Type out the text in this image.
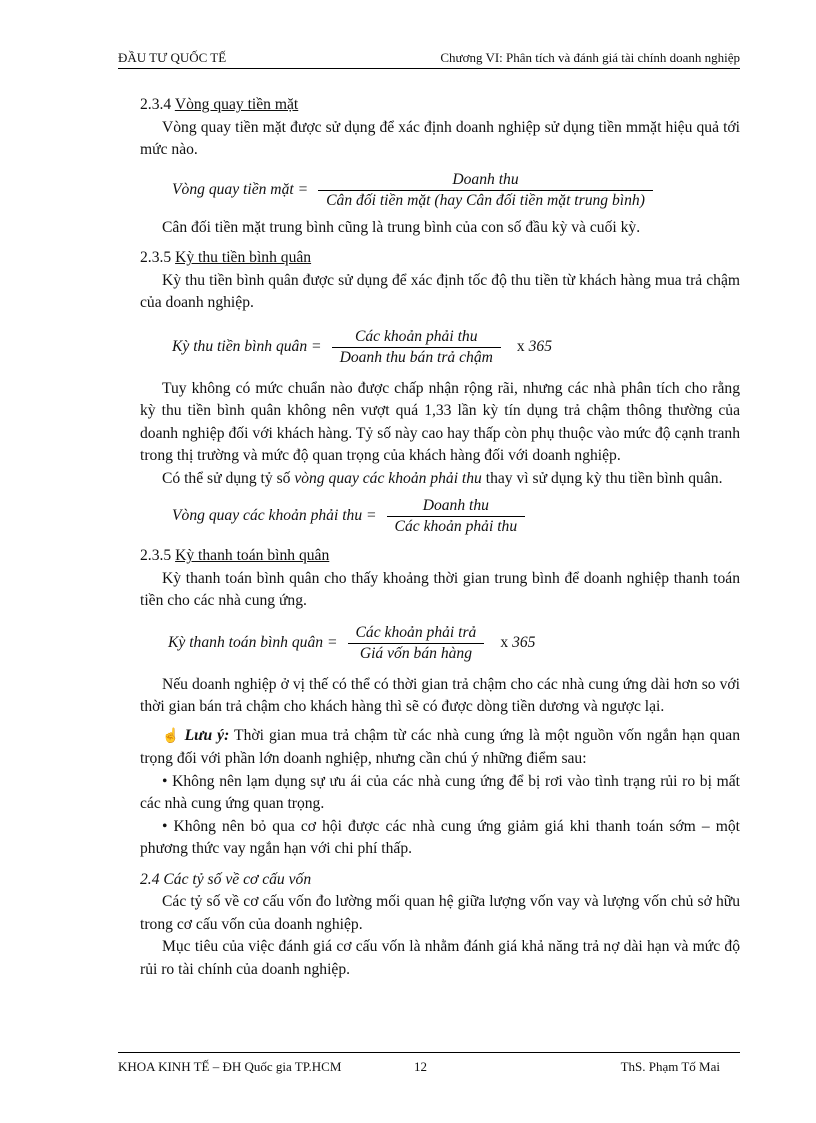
ĐẦU TƯ QUỐC TẾ	Chương VI: Phân tích và đánh giá tài chính doanh nghiệp

2.3.4 Vòng quay tiền mặt

Vòng quay tiền mặt được sử dụng để xác định doanh nghiệp sử dụng tiền mmặt hiệu quả tới mức nào.

Vòng quay tiền mặt = $\frac{\text{Doanh thu}}{\text{Cân đối tiền mặt (hay Cân đối tiền mặt trung bình)}}$

Cân đối tiền mặt trung bình cũng là trung bình của con số đầu kỳ và cuối kỳ.

2.3.5 Kỳ thu tiền bình quân

Kỳ thu tiền bình quân được sử dụng để xác định tốc độ thu tiền từ khách hàng mua trả chậm của doanh nghiệp.

Kỳ thu tiền bình quân = $\frac{\text{Các khoản phải thu}}{\text{Doanh thu bán trả chậm}}$ x 365

Tuy không có mức chuẩn nào được chấp nhận rộng rãi, nhưng các nhà phân tích cho rằng kỳ thu tiền bình quân không nên vượt quá 1,33 lần kỳ tín dụng trả chậm thông thường của doanh nghiệp đối với khách hàng. Tỷ số này cao hay thấp còn phụ thuộc vào mức độ cạnh tranh trong thị trường và mức độ quan trọng của khách hàng đối với doanh nghiệp.

Có thể sử dụng tỷ số vòng quay các khoản phải thu thay vì sử dụng kỳ thu tiền bình quân.

Vòng quay các khoản phải thu = $\frac{\text{Doanh thu}}{\text{Các khoản phải thu}}$

2.3.5 Kỳ thanh toán bình quân

Kỳ thanh toán bình quân cho thấy khoảng thời gian trung bình để doanh nghiệp thanh toán tiền cho các nhà cung ứng.

Kỳ thanh toán bình quân = $\frac{\text{Các khoản phải trả}}{\text{Giá vốn bán hàng}}$ x 365

Nếu doanh nghiệp ở vị thế có thể có thời gian trả chậm cho các nhà cung ứng dài hơn so với thời gian bán trả chậm cho khách hàng thì sẽ có được dòng tiền dương và ngược lại.

☝ Lưu ý: Thời gian mua trả chậm từ các nhà cung ứng là một nguồn vốn ngắn hạn quan trọng đối với phần lớn doanh nghiệp, nhưng cần chú ý những điểm sau:

• Không nên lạm dụng sự ưu ái của các nhà cung ứng để bị rơi vào tình trạng rủi ro bị mất các nhà cung ứng quan trọng.

• Không nên bỏ qua cơ hội được các nhà cung ứng giảm giá khi thanh toán sớm – một phương thức vay ngắn hạn với chi phí thấp.

2.4 Các tỷ số về cơ cấu vốn

Các tỷ số về cơ cấu vốn đo lường mối quan hệ giữa lượng vốn vay và lượng vốn chủ sở hữu trong cơ cấu vốn của doanh nghiệp.

Mục tiêu của việc đánh giá cơ cấu vốn là nhằm đánh giá khả năng trả nợ dài hạn và mức độ rủi ro tài chính của doanh nghiệp.

KHOA KINH TẾ – ĐH Quốc gia TP.HCM	12	ThS. Phạm Tố Mai
